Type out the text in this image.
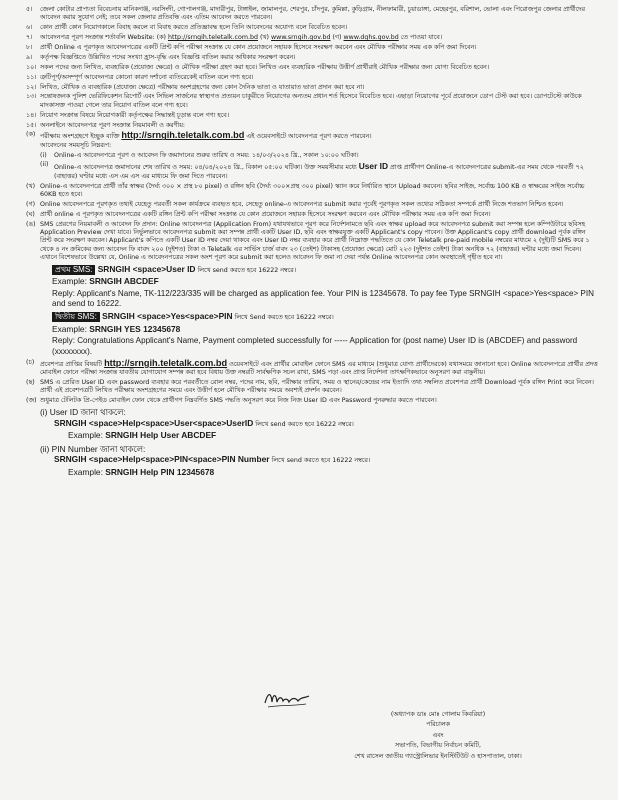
৫।	জেলা কোটার প্রাপ্যতা বিবেচনায় মানিকগঞ্জ, নরসিংদী, গোপালগঞ্জ, মাদারীপুর, টাঙ্গাইল, জামালপুর, শেরপুর, চাঁদপুর, কুমিল্লা, কুড়িগ্রাম, নীলফামারী, চুয়াডাঙ্গা, মেহেরপুর, বরিশাল, ভোলা এবং পিরোজপুর জেলার প্রার্থীদের আবেদন করার সুযোগ নেই; তবে সকল জেলার প্রতিবন্ধি এবং এতিম আবেদন করতে পারবেন।
৬।	কোন প্রার্থী কোন নিয়োগকালে বিবাহ করলে বা বিবাহ করতে প্রতিজ্ঞাবদ্ধ হলে তিনি আবেদনের অযোগ্য বলে বিবেচিত হবেন।
৭।	আবেদনপত্র পূরণ সংক্রান্ত শর্তাবলি Website: (ক) http://srngih.teletalk.com.bd (খ) www.srngih.gov.bd (গ) www.dghs.gov.bd তে পাওয়া যাবে।
৮।	প্রার্থী Online এ পূরণকৃত আবেদনপত্রের একটি প্রিন্ট কপি পরীক্ষা সংক্রান্ত যে কোন প্রয়োজনে সহায়ক হিসেবে সংরক্ষণ করবেন এবং মৌখিক পরীক্ষার সময় এক কপি জমা দিবেন।
৯।	কর্তৃপক্ষ বিজ্ঞপ্তিতে উল্লিখিত পদের সংখ্যা হ্রাস-বৃদ্ধি এবং বিজ্ঞপ্তি বাতিল করার অধিকার সংরক্ষণ করেন।
১০। সকল পদের জন্য লিখিত, ব্যবহারিক (প্রযোজ্য ক্ষেত্রে) ও মৌখিক পরীক্ষা গ্রহণ করা হবে। লিখিত এবং ব্যবহারিক পরীক্ষায় উত্তীর্ণ প্রার্থীরাই মৌখিক পরীক্ষার জন্য যোগ্য বিবেচিত হবেন।
১১। ত্রুটিপূর্ণ/অসম্পূর্ণ আবেদনপত্র কোনো কারণ দর্শানো ব্যতিরেকেই বাতিল বলে গণ্য হবে।
১২। লিখিত, মৌখিক ও ব্যবহারিক (প্রযোজ্য ক্ষেত্রে) পরীক্ষায় অংশগ্রহণের জন্য কোন দৈনিক ভাতা ও যাতায়াত ভাতা প্রদান করা হবে না।
১৩। সন্তোষজনক পুলিশ ভেরিফিকেশন রিপোর্ট এবং সিভিল সার্জনের স্বাস্থ্যগত প্রত্যয়ন চাকুরীতে নিয়োগের অন্যতম প্রধান শর্ত হিসেবে বিবেচিত হবে। এছাড়া নিয়োগের পূর্বে প্রয়োজনে ডোপ টেস্ট করা হবে। ডোপটেস্টে কাউকে মাদকাসক্ত পাওয়া গেলে তার নিয়োগ বাতিল বলে গণ্য হবে।
১৪। নিয়োগ সংক্রান্ত বিষয়ে নিয়োগকারী কর্তৃপক্ষের সিদ্ধান্তই চূড়ান্ত বলে গণ্য হবে।
১৫। অনলাইনে আবেদনপত্র পূরণ সংক্রান্ত নিয়মাবলী ও করণীয়:
(ক) পরীক্ষায় অংশগ্রহণে ইচ্ছুক ব্যক্তি http://srngih.teletalk.com.bd এই ওয়েবসাইটে আবেদনপত্র পূরণ করতে পারবেন।
আবেদনের সময়সূচি নিম্নরূপ:
(i)	Online-এ আবেদনপত্রে পূরণ ও আবেদন ফি জমাদানের শুরুর তারিখ ও সময়: ১৪/০৩/২০২৪ খ্রি., সকাল ১০:০০ ঘটিকা।
(ii) Online-এ আবেদনপত্র জমাদানের শেষ তারিখ ও সময়: ০৪/০৪/২০২৪ খ্রি., বিকাল ০৫:০০ ঘটিকা। উক্ত সময়সীমার মধ্যে User ID প্রাপ্ত প্রার্থীগণ Online-এ আবেদনপত্রের submit-এর সময় থেকে পরবর্তী ৭২ (বাহাত্তর) ঘণ্টার মধ্যে এস এম এস এর মাধ্যমে ফি জমা দিতে পারবেন।
(খ) Online-এ আবেদনপত্রে প্রার্থী তাঁর স্বাক্ষর (দৈর্ঘ্য ৩০০ × প্রস্থ ৮০ pixel) ও রঙ্গিন ছবি (দৈর্ঘ্য ৩০০×প্রস্থ ৩০০ pixel) স্ক্যান করে নির্ধারিত স্থানে Upload করবেন। ছবির সাইজ, সর্বোচ্চ 100 KB ও স্বাক্ষরের সাইজ সর্বোচ্চ 60KB হতে হবে।
(গ) Online আবেদনপত্রে পূরণকৃত তথ্যই যেহেতু পরবর্তী সকল কার্যক্রমে ব্যবহৃত হবে, সেহেতু online-এ আবেদনপত্র submit করার পূর্বেই পূরণকৃত সকল তথ্যের সঠিকতা সম্পর্কে প্রার্থী নিজে শতভাগ নিশ্চিত হবেন।
(ঘ) প্রার্থী online এ পূরণকৃত আবেদনপত্রের একটি রঙ্গিন প্রিন্ট কপি পরীক্ষা সংক্রান্ত যে কোন প্রয়োজনে সহায়ক হিসেবে সংরক্ষণ করবেন এবং মৌখিক পরীক্ষার সময় এক কপি জমা দিবেন।
(ঙ) SMS প্রেরণের নিয়মাবলী ও আবেদন ফি প্রদান: Online আবেদনপত্র (Application From) যথাযথভাবে পূরণ করে নির্দেশনামতে ছবি এবং স্বাক্ষর upload করে আবেদনপত্র submit করা সম্পন্ন হলে কম্পিউটারে ছবিসহ Application Preview দেখা যাবে। নির্ভুলভাবে আবেদনপত্র submit করা সম্পন্ন প্রার্থী একটি User ID, ছবি এবং স্বাক্ষরযুক্ত একটি Applicant's copy পাবেন। উক্ত Applicant's copy প্রার্থী download পূর্বক রঙ্গিন প্রিন্ট করে সংরক্ষণ করবেন। Applicant's কপিতে একটি User ID নম্বর দেয়া থাকবে এবং User ID নম্বর ব্যবহার করে প্রার্থী নিম্নোক্ত পদ্ধতিতে যে কোন Teletalk pre-paid mobile নম্বরের মাধ্যমে ২ (দুই)টি SMS করে ১ থেকে ৪ নং ক্রমিকের জন্য আবেদন ফি বাবদ ২০০ (দুইশত) টাকা ও Teletalk এর সার্ভিস চার্জ বাবদ ২৩ (তেইশ) টাকাসহ (প্রযোজ্য ক্ষেত্রে) মোট ২২৩ (দুইশত তেইশ) টাকা অনধিক ৭২ (বাহাত্তর) ঘন্টার মধ্যে জমা দিবেন। এখানে বিশেষভাবে উল্লেখ্য যে, Online এ আবেদনপত্রের সকল অংশ পূরণ করে submit করা হলেও আবেদন ফি জমা না দেয়া পর্যন্ত Online আবেদনপত্র কোন অবস্থাতেই গৃহীত হবে না।
প্রথম SMS: SRNGIH <space>User ID লিখে send করতে হবে 16222 নম্বরে।
Example: SRNGIH ABCDEF
Reply: Applicant's Name, TK-112/223/335 will be charged as application fee. Your PIN is 12345678. To pay fee Type SRNGIH <space>Yes<space> PIN and send to 16222.
দ্বিতীয় SMS: SRNGIH <space>Yes<space>PIN লিখে Send করতে হবে 16222 নম্বরে।
Example: SRNGIH YES 12345678
Reply: Congratulations Applicant's Name, Payment completed successfully for ----- Application for (post name) User ID is (ABCDEF) and password (xxxxxxxx).
(চ) প্রবেশপত্র প্রাপ্তির বিষয়টি http://srngih.teletalk.com.bd ওয়েবসাইটে এবং প্রার্থীর মোবাইল ফোনে SMS এর মাধ্যমে (শুধুমাত্র যোগ্য প্রার্থীদেরকে) যথাসময়ে জানানো হবে। Online আবেদনপত্রে প্রার্থীর প্রদত্ত মোবাইল ফোনে পরীক্ষা সংক্রান্ত যাবতীয় যোগাযোগ সম্পন্ন করা হবে বিধায় উক্ত নম্বরটি সার্বক্ষণিক সচল রাখা, SMS পড়া এবং প্রাপ্ত নির্দেশনা তাৎক্ষণিকভাবে অনুসরণ করা বাঞ্ছনীয়।
(ছ) SMS এ প্রেরিত User ID এবং password ব্যবহার করে পরবর্তীতে রোল নম্বর, পদের নাম, ছবি, পরীক্ষার তারিখ, সময় ও স্থানের/কেন্দ্রের নাম ইত্যাদি তথ্য সম্বলিত প্রবেশপত্র প্রার্থী Download পূর্বক রঙ্গিন Print করে নিবেন। প্রার্থী এই প্রবেশপত্রটি লিখিত পরীক্ষায় অংশগ্রহণের সময়ে এবং উত্তীর্ণ হলে মৌখিক পরীক্ষার সময়ে অবশ্যই প্রদর্শন করবেন।
(জ) শুধুমাত্র টেলিটক প্রি-পেইড মোবাইল ফোন থেকে প্রার্থীগণ নিম্নবর্ণিত SMS পদ্ধতি অনুসরণ করে নিজ নিজ User ID এবং Password পুনরুদ্ধার করতে পারবেন।
(i) User ID জানা থাকলে:
SRNGIH <space>Help<space>User<space>UserID লিখে send করতে হবে 16222 নম্বরে।
Example: SRNGIH Help User ABCDEF
(ii) PIN Number জানা থাকলে:
SRNGIH <space>Help<space>PIN<space>PIN Number লিখে send করতে হবে 16222 নম্বরে।
Example: SRNGIH Help PIN 12345678
(অধ্যাপক ডাঃ মোঃ গোলাম কিবরিয়া)
পরিচালক
এবং
সভাপতি, বিভাগীয় নির্বাচন কমিটি,
শেখ রাসেল জাতীয় গ্যাস্ট্রোলিভার ইনস্টিটিউট ও হাসপাতাল, ঢাকা।
